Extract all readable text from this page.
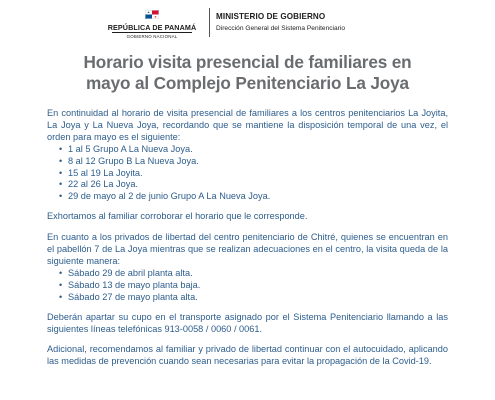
REPÚBLICA DE PANAMÁ
GOBIERNO NACIONAL
MINISTERIO DE GOBIERNO
Dirección General del Sistema Penitenciario
Horario visita presencial de familiares en
mayo al Complejo Penitenciario La Joya

En continuidad al horario de visita presencial de familiares a los centros penitenciarios La Joyita, La Joya y La Nueva Joya, recordando que se mantiene la disposición temporal de una vez, el orden para mayo es el siguiente:

• 1 al 5 Grupo A La Nueva Joya.
• 8 al 12 Grupo B La Nueva Joya.
• 15 al 19 La Joyita.
• 22 al 26 La Joya.
• 29 de mayo al 2 de junio Grupo A La Nueva Joya.

Exhortamos al familiar corroborar el horario que le corresponde.

En cuanto a los privados de libertad del centro penitenciario de Chitré, quienes se encuentran en el pabellón 7 de La Joya mientras que se realizan adecuaciones en el centro, la visita queda de la siguiente manera:

• Sábado 29 de abril planta alta.
• Sábado 13 de mayo planta baja.
• Sábado 27 de mayo planta alta.

Deberán apartar su cupo en el transporte asignado por el Sistema Penitenciario llamando a las siguientes líneas telefónicas 913-0058 / 0060 / 0061.

Adicional, recomendamos al familiar y privado de libertad continuar con el autocuidado, aplicando las medidas de prevención cuando sean necesarias para evitar la propagación de la Covid-19.
